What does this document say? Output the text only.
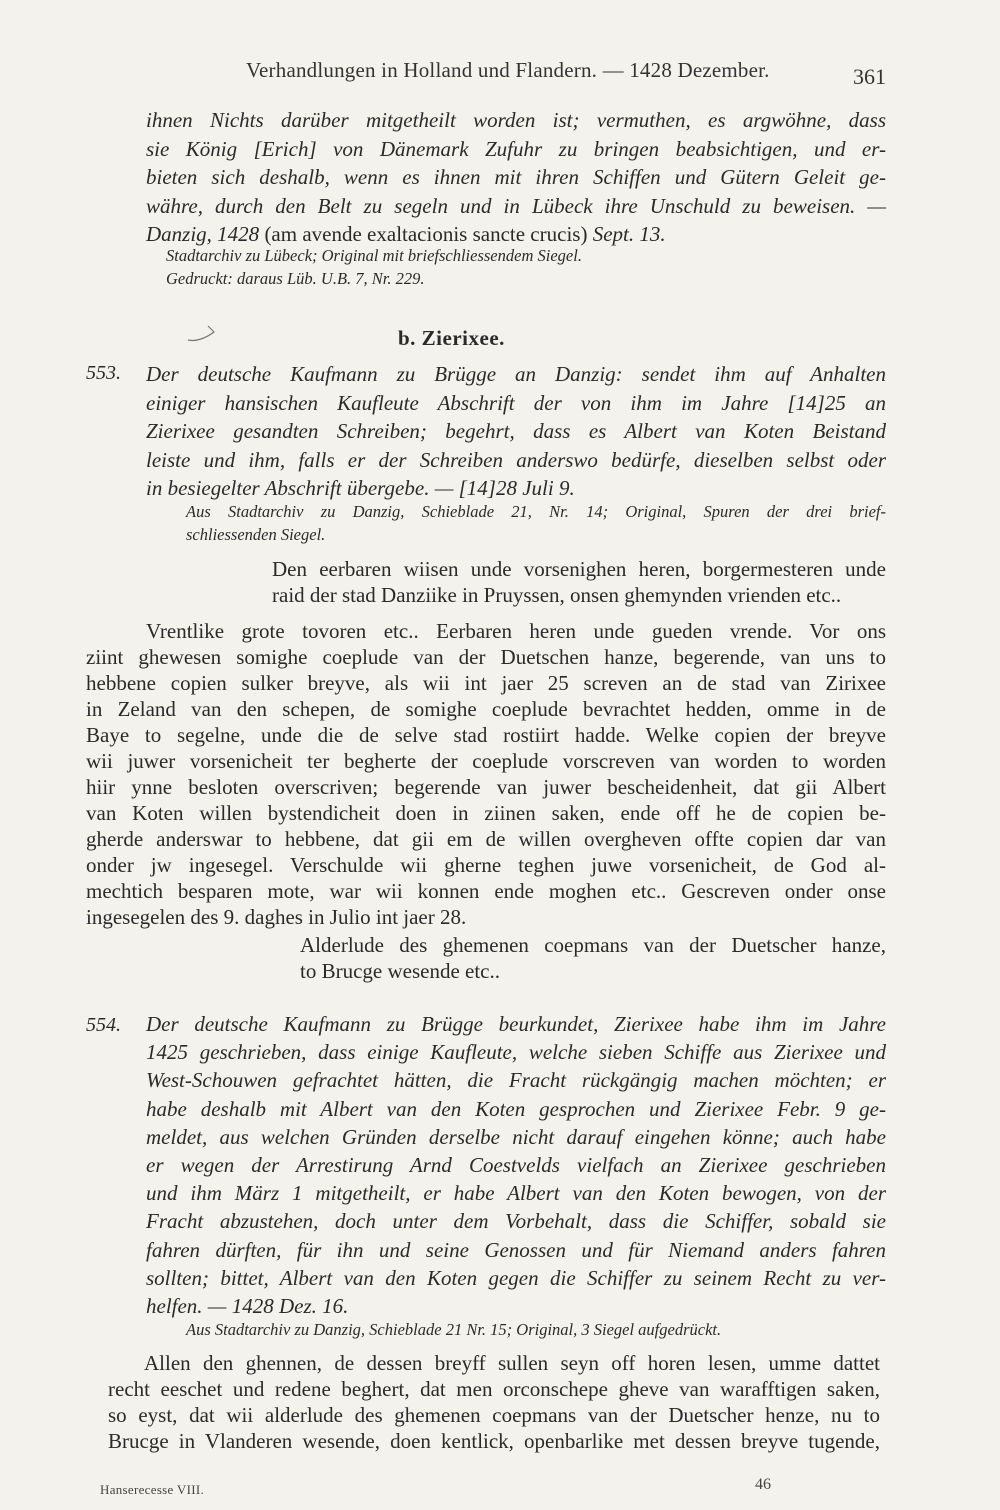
Verhandlungen in Holland und Flandern. — 1428 Dezember.	361
ihnen Nichts darüber mitgetheilt worden ist; vermuthen, es argwöhne, dass
sie König [Erich] von Dänemark Zufuhr zu bringen beabsichtigen, und er-
bieten sich deshalb, wenn es ihnen mit ihren Schiffen und Gütern Geleit ge-
währe, durch den Belt zu segeln und in Lübeck ihre Unschuld zu beweisen. —
Danzig, 1428 (am avende exaltacionis sancte crucis) Sept. 13.
Stadtarchiv zu Lübeck; Original mit briefschliessendem Siegel.
Gedruckt: daraus Lüb. U.B. 7, Nr. 229.
b. Zierixee.
553. Der deutsche Kaufmann zu Brügge an Danzig: sendet ihm auf Anhalten
einiger hansischen Kaufleute Abschrift der von ihm im Jahre [14]25 an
Zierixee gesandten Schreiben; begehrt, dass es Albert van Koten Beistand
leiste und ihm, falls er der Schreiben anderswo bedürfe, dieselben selbst oder
in besiegelter Abschrift übergebe. — [14]28 Juli 9.
Aus Stadtarchiv zu Danzig, Schieblade 21, Nr. 14; Original, Spuren der drei brief-
schliessenden Siegel.
Den eerbaren wiisen unde vorsenighen heren, borgermesteren unde
raid der stad Danziike in Pruyssen, onsen ghemynden vrienden etc..
Vrentlike grote tovoren etc.. Eerbaren heren unde gueden vrende. Vor ons
ziint ghewesen somighe coeplude van der Duetschen hanze, begerende, van uns to
hebbene copien sulker breyve, als wii int jaer 25 screven an de stad van Zirixee
in Zeland van den schepen, de somighe coeplude bevrachtet hedden, omme in de
Baye to segelne, unde die de selve stad rostiirt hadde. Welke copien der breyve
wii juwer vorsenicheit ter begherte der coeplude vorscreven van worden to worden
hiir ynne besloten overscriven; begerende van juwer bescheidenheit, dat gii Albert
van Koten willen bystendicheit doen in ziinen saken, ende off he de copien be-
gherde anderswar to hebbene, dat gii em de willen overgheven offte copien dar van
onder jw ingesegel. Verschulde wii gherne teghen juwe vorsenicheit, de God al-
mechtich besparen mote, war wii konnen ende moghen etc.. Gescreven onder onse
ingesegelen des 9. daghes in Julio int jaer 28.
Alderlude des ghemenen coepmans van der Duetscher hanze,
to Brucge wesende etc..
554. Der deutsche Kaufmann zu Brügge beurkundet, Zierixee habe ihm im Jahre
1425 geschrieben, dass einige Kaufleute, welche sieben Schiffe aus Zierixee und
West-Schouwen gefrachtet hätten, die Fracht rückgängig machen möchten; er
habe deshalb mit Albert van den Koten gesprochen und Zierixee Febr. 9 ge-
meldet, aus welchen Gründen derselbe nicht darauf eingehen könne; auch habe
er wegen der Arrestirung Arnd Coestvelds vielfach an Zierixee geschrieben
und ihm März 1 mitgetheilt, er habe Albert van den Koten bewogen, von der
Fracht abzustehen, doch unter dem Vorbehalt, dass die Schiffer, sobald sie
fahren dürften, für ihn und seine Genossen und für Niemand anders fahren
sollten; bittet, Albert van den Koten gegen die Schiffer zu seinem Recht zu ver-
helfen. — 1428 Dez. 16.
Aus Stadtarchiv zu Danzig, Schieblade 21 Nr. 15; Original, 3 Siegel aufgedrückt.
Allen den ghennen, de dessen breyff sullen seyn off horen lesen, umme dattet
recht eeschet und redene beghert, dat men orconschepe gheve van warafftigen saken,
so eyst, dat wii alderlude des ghemenen coepmans van der Duetscher henze, nu to
Brucge in Vlanderen wesende, doen kentlick, openbarlike met dessen breyve tugende,
Hanserecesse VIII.	46
